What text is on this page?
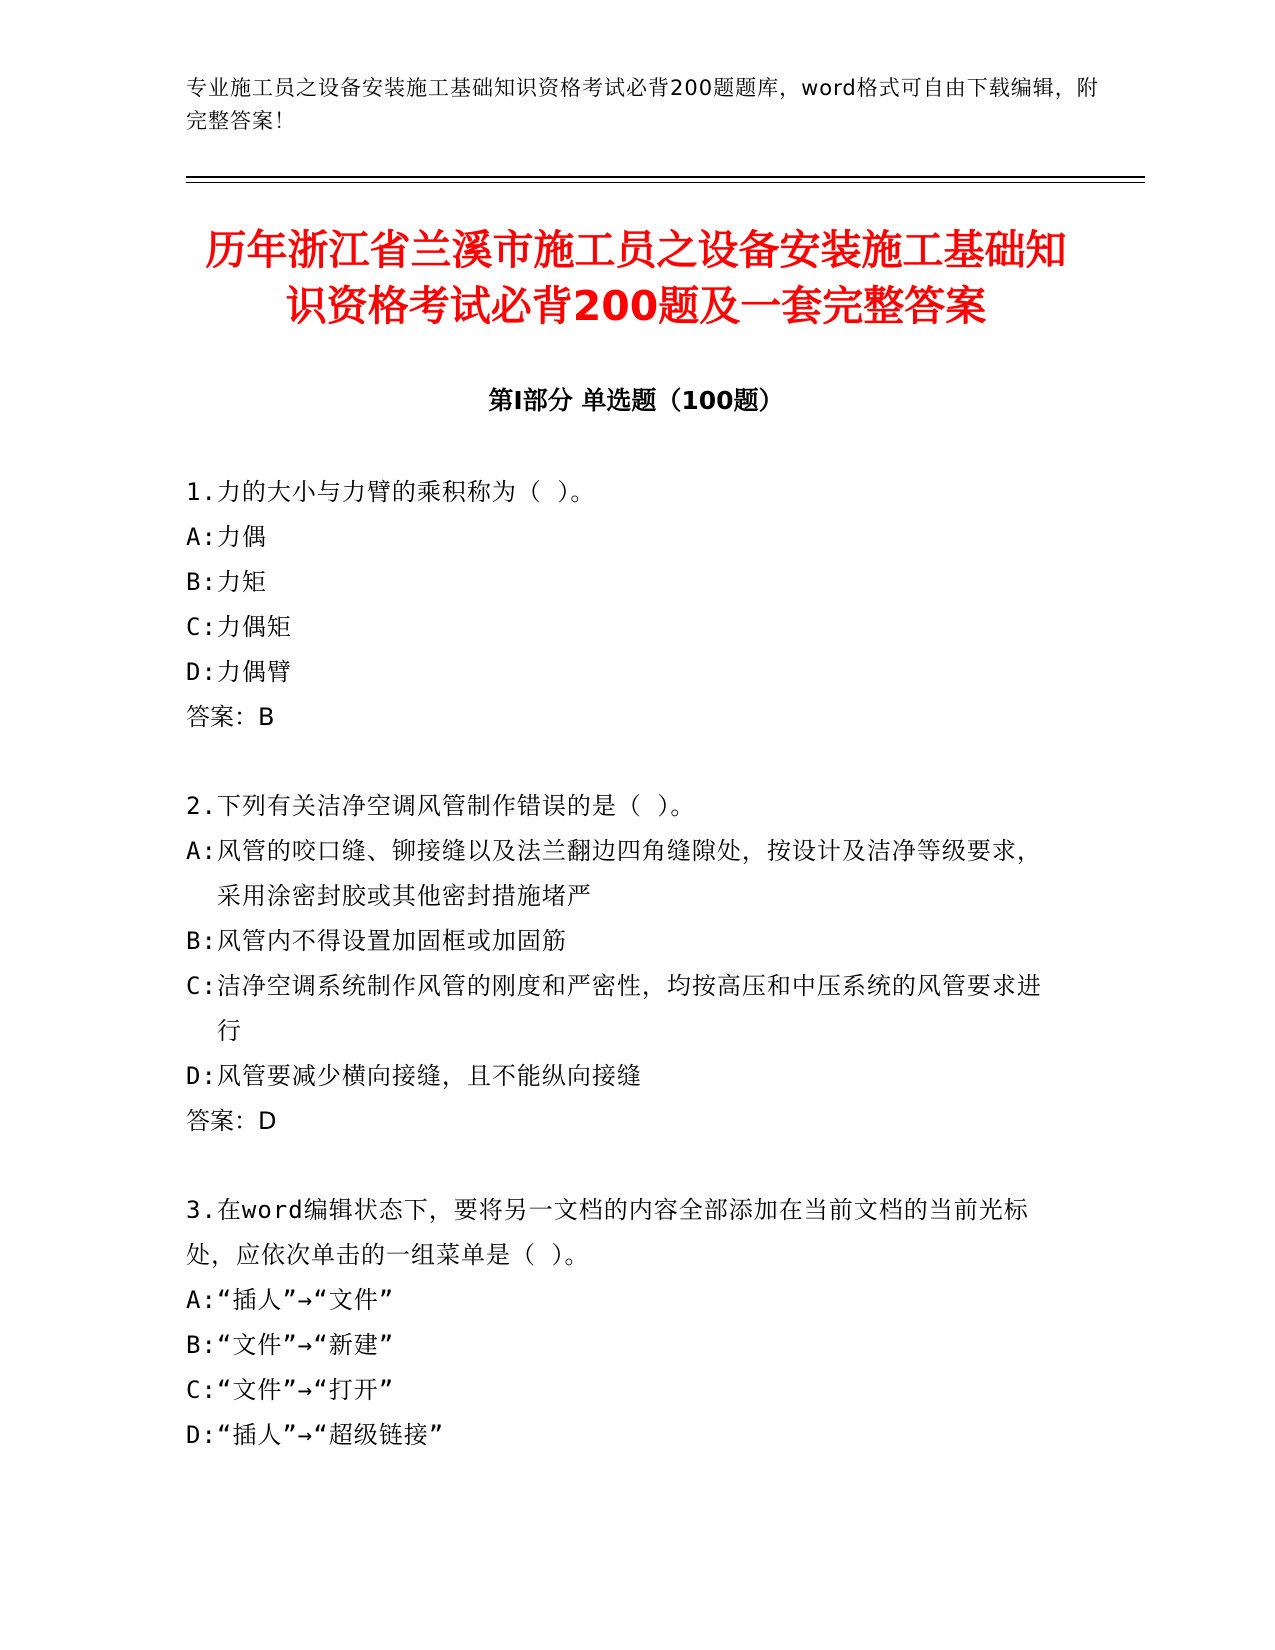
专业施工员之设备安装施工基础知识资格考试必背200题题库，word格式可自由下载编辑，附完整答案！
历年浙江省兰溪市施工员之设备安装施工基础知识资格考试必背200题及一套完整答案
第Ⅰ部分 单选题（100题）
1.力的大小与力臂的乘积称为（ ）。
A: 力偶
B: 力矩
C: 力偶矩
D: 力偶臂
答案：B
2.下列有关洁净空调风管制作错误的是（ ）。
A: 风管的咬口缝、铆接缝以及法兰翻边四角缝隙处，按设计及洁净等级要求，采用涂密封胶或其他密封措施堵严
B: 风管内不得设置加固框或加固筋
C: 洁净空调系统制作风管的刚度和严密性，均按高压和中压系统的风管要求进行
D: 风管要减少横向接缝，且不能纵向接缝
答案：D
3.在word编辑状态下，要将另一文档的内容全部添加在当前文档的当前光标处，应依次单击的一组菜单是（ ）。
A: “插人”→“文件”
B: “文件”→“新建”
C: “文件”→“打开”
D: “插人”→“超级链接”
